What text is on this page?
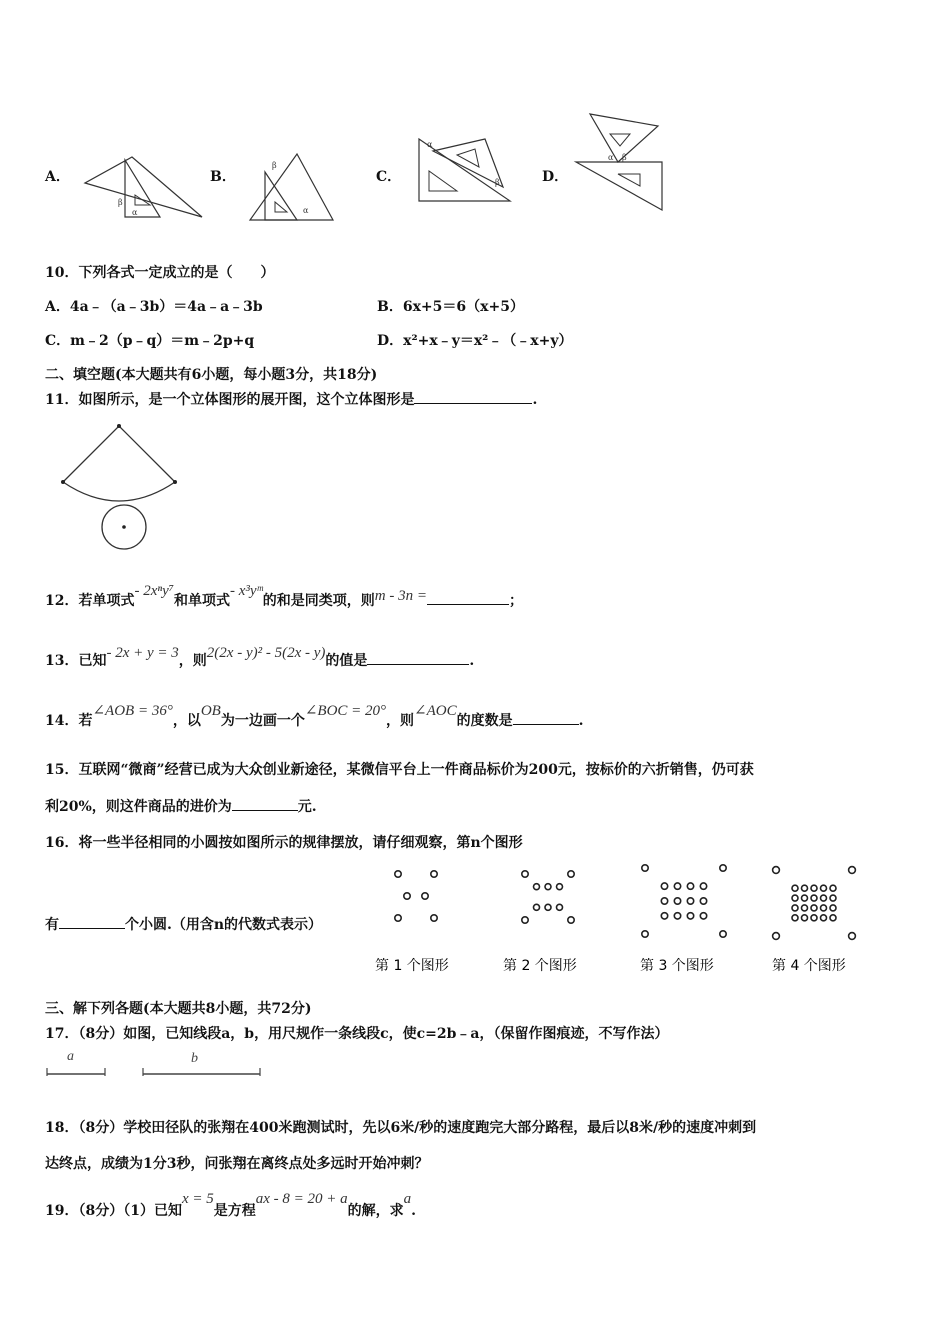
A．
β
α
B．
β
α
C．
α
β	D．
α β
10．下列各式一定成立的是（　　）
A．4a﹣（a﹣3b）＝4a﹣a﹣3b	B．6x+5＝6（x+5）
C．m﹣2（p﹣q）＝m﹣2p+q	D．x²+x﹣y＝x²﹣（﹣x+y）
二、填空题(本大题共有6小题，每小题3分，共18分)
11．如图所示，是一个立体图形的展开图，这个立体图形是	.
12．若单项式- 2xⁿy⁷和单项式- x³yᵐ的和是同类项，则m - 3n =	；
13．已知- 2x + y = 3，则2(2x - y)² - 5(2x - y)的值是	.
14．若∠AOB = 36°，以OB为一边画一个∠BOC = 20°，则∠AOC的度数是	.
15．互联网“微商”经营已成为大众创业新途径，某微信平台上一件商品标价为200元，按标价的六折销售，仍可获
利20%，则这件商品的进价为	元.
16．将一些半径相同的小圆按如图所示的规律摆放，请仔细观察，第n个图形
有	个小圆.（用含n的代数式表示）
第 1 个图形	第 2 个图形	第 3 个图形	第 4 个图形
三、解下列各题(本大题共8小题，共72分)
17．（8分）如图，已知线段a，b，用尺规作一条线段c，使c=2b﹣a，（保留作图痕迹，不写作法）
a	b
18．（8分）学校田径队的张翔在400米跑测试时，先以6米/秒的速度跑完大部分路程，最后以8米/秒的速度冲刺到
达终点，成绩为1分3秒，问张翔在离终点处多远时开始冲刺？
19．（8分）（1）已知x = 5是方程ax - 8 = 20 + a的解，求a.
